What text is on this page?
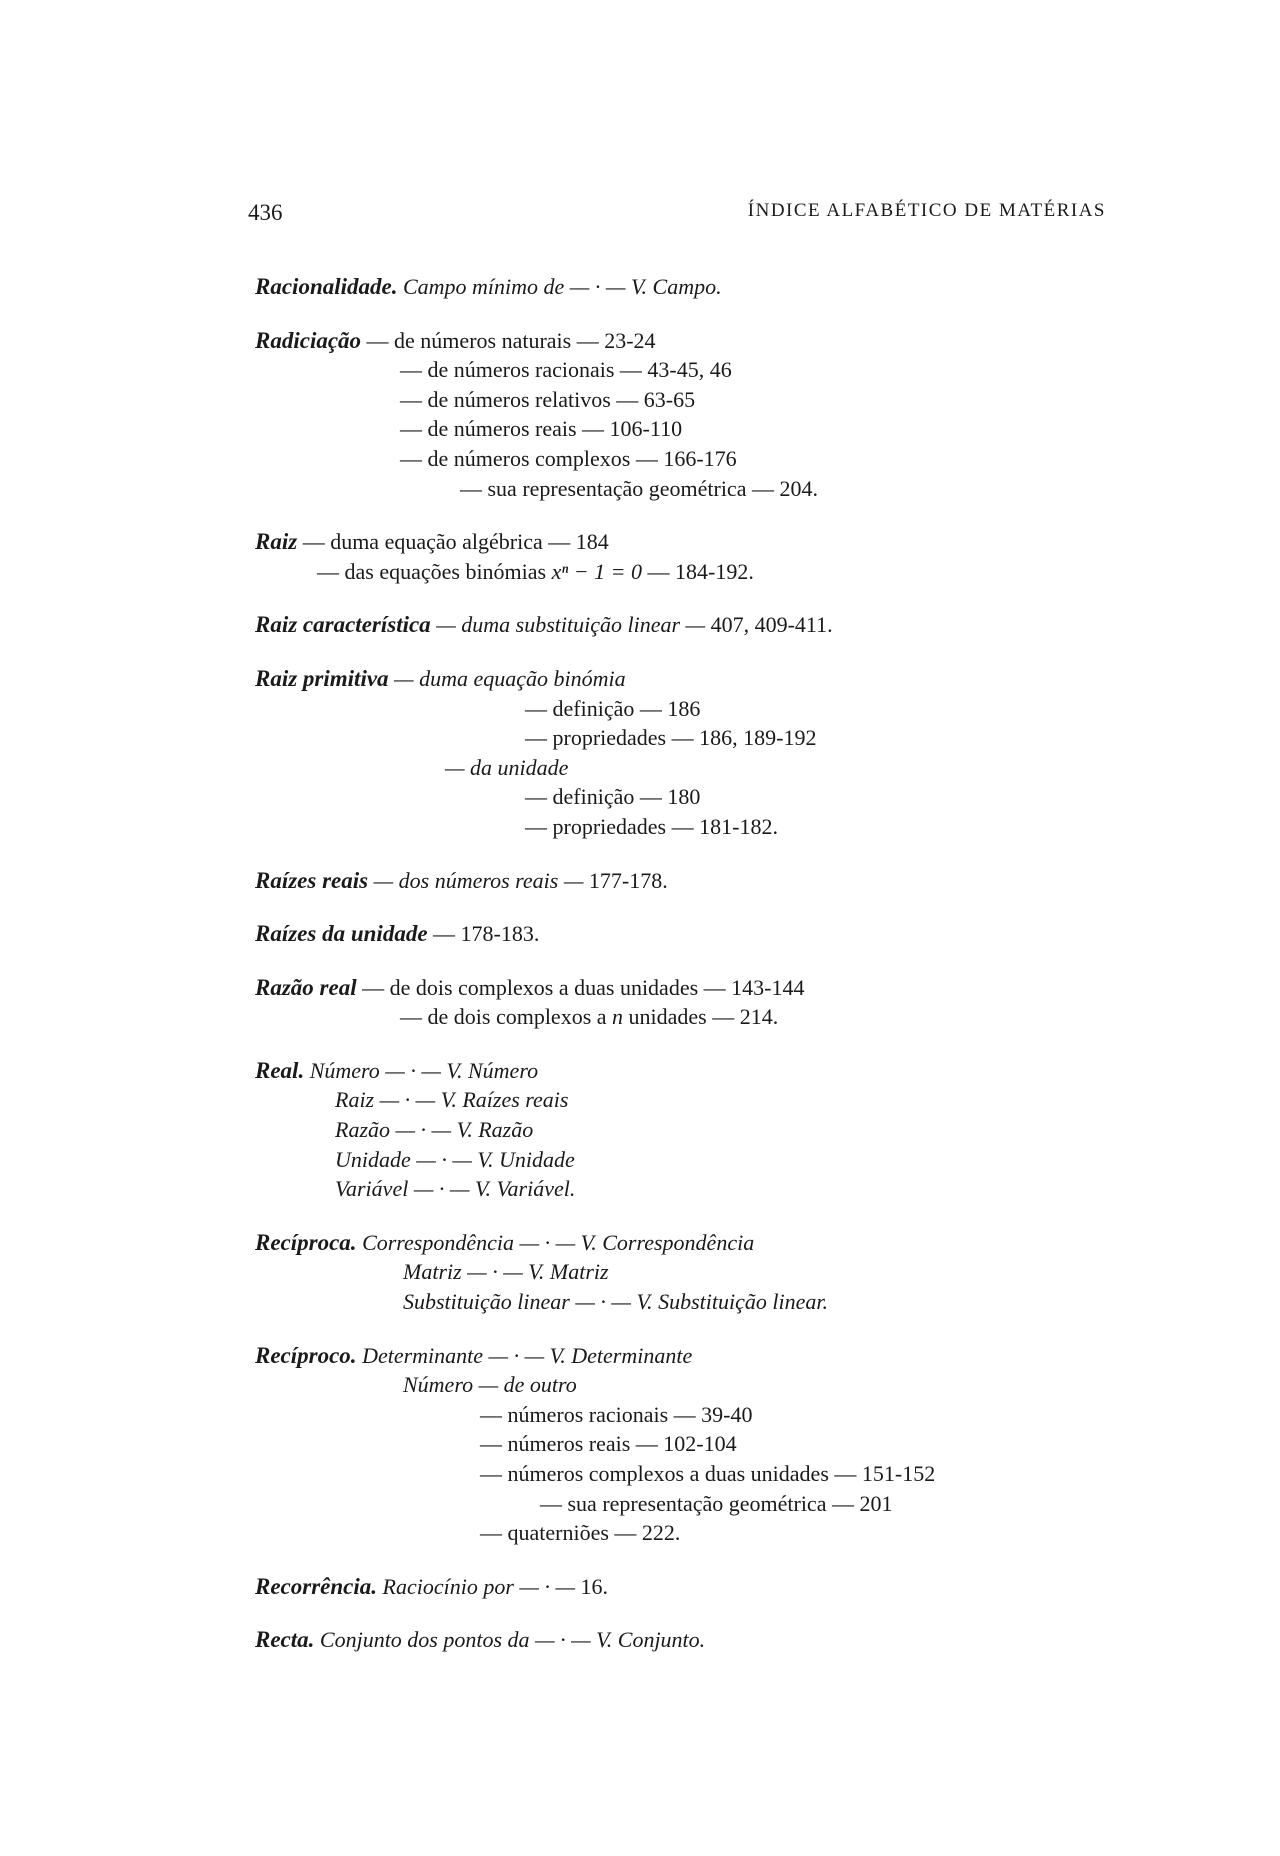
436	ÍNDICE ALFABÉTICO DE MATÉRIAS
Racionalidade. Campo mínimo de — · — V. Campo.
Radiciação — de números naturais — 23-24
— de números racionais — 43-45, 46
— de números relativos — 63-65
— de números reais — 106-110
— de números complexos — 166-176
— sua representação geométrica — 204.
Raiz — duma equação algébrica — 184
— das equações binómias xⁿ − 1 = 0 — 184-192.
Raiz característica — duma substituição linear — 407, 409-411.
Raiz primitiva — duma equação binómia
— definição — 186
— propriedades — 186, 189-192
— da unidade
— definição — 180
— propriedades — 181-182.
Raízes reais — dos números reais — 177-178.
Raízes da unidade — 178-183.
Razão real — de dois complexos a duas unidades — 143-144
— de dois complexos a n unidades — 214.
Real. Número — · — V. Número
Raiz — · — V. Raízes reais
Razão — · — V. Razão
Unidade — · — V. Unidade
Variável — · — V. Variável.
Recíproca. Correspondência — · — V. Correspondência
Matriz — · — V. Matriz
Substituição linear — · — V. Substituição linear.
Recíproco. Determinante — · — V. Determinante
Número — de outro
— números racionais — 39-40
— números reais — 102-104
— números complexos a duas unidades — 151-152
— sua representação geométrica — 201
— quaterniões — 222.
Recorrência. Raciocínio por — · — 16.
Recta. Conjunto dos pontos da — · — V. Conjunto.
